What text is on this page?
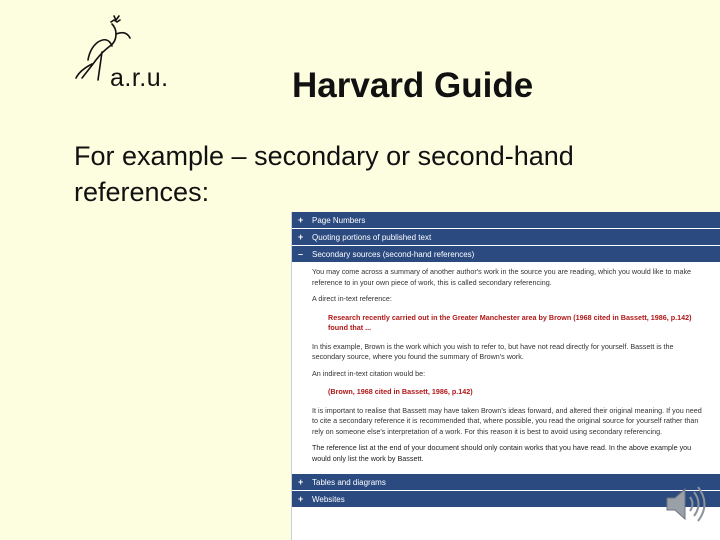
a.r.u.	Harvard Guide
For example – secondary or second-hand references:
+	Page Numbers
+	Quoting portions of published text
–	Secondary sources (second-hand references)

You may come across a summary of another author's work in the source you are reading, which you would like to make reference to in your own piece of work, this is called secondary referencing.

A direct in-text reference:

Research recently carried out in the Greater Manchester area by Brown (1968 cited in Bassett, 1986, p.142) found that ...

In this example, Brown is the work which you wish to refer to, but have not read directly for yourself. Bassett is the secondary source, where you found the summary of Brown's work.

An indirect in-text citation would be:

(Brown, 1968 cited in Bassett, 1986, p.142)

It is important to realise that Bassett may have taken Brown's ideas forward, and altered their original meaning. If you need to cite a secondary reference it is recommended that, where possible, you read the original source for yourself rather than rely on someone else's interpretation of a work. For this reason it is best to avoid using secondary referencing.

The reference list at the end of your document should only contain works that you have read. In the above example you would only list the work by Bassett.

+	Tables and diagrams
+	Websites
